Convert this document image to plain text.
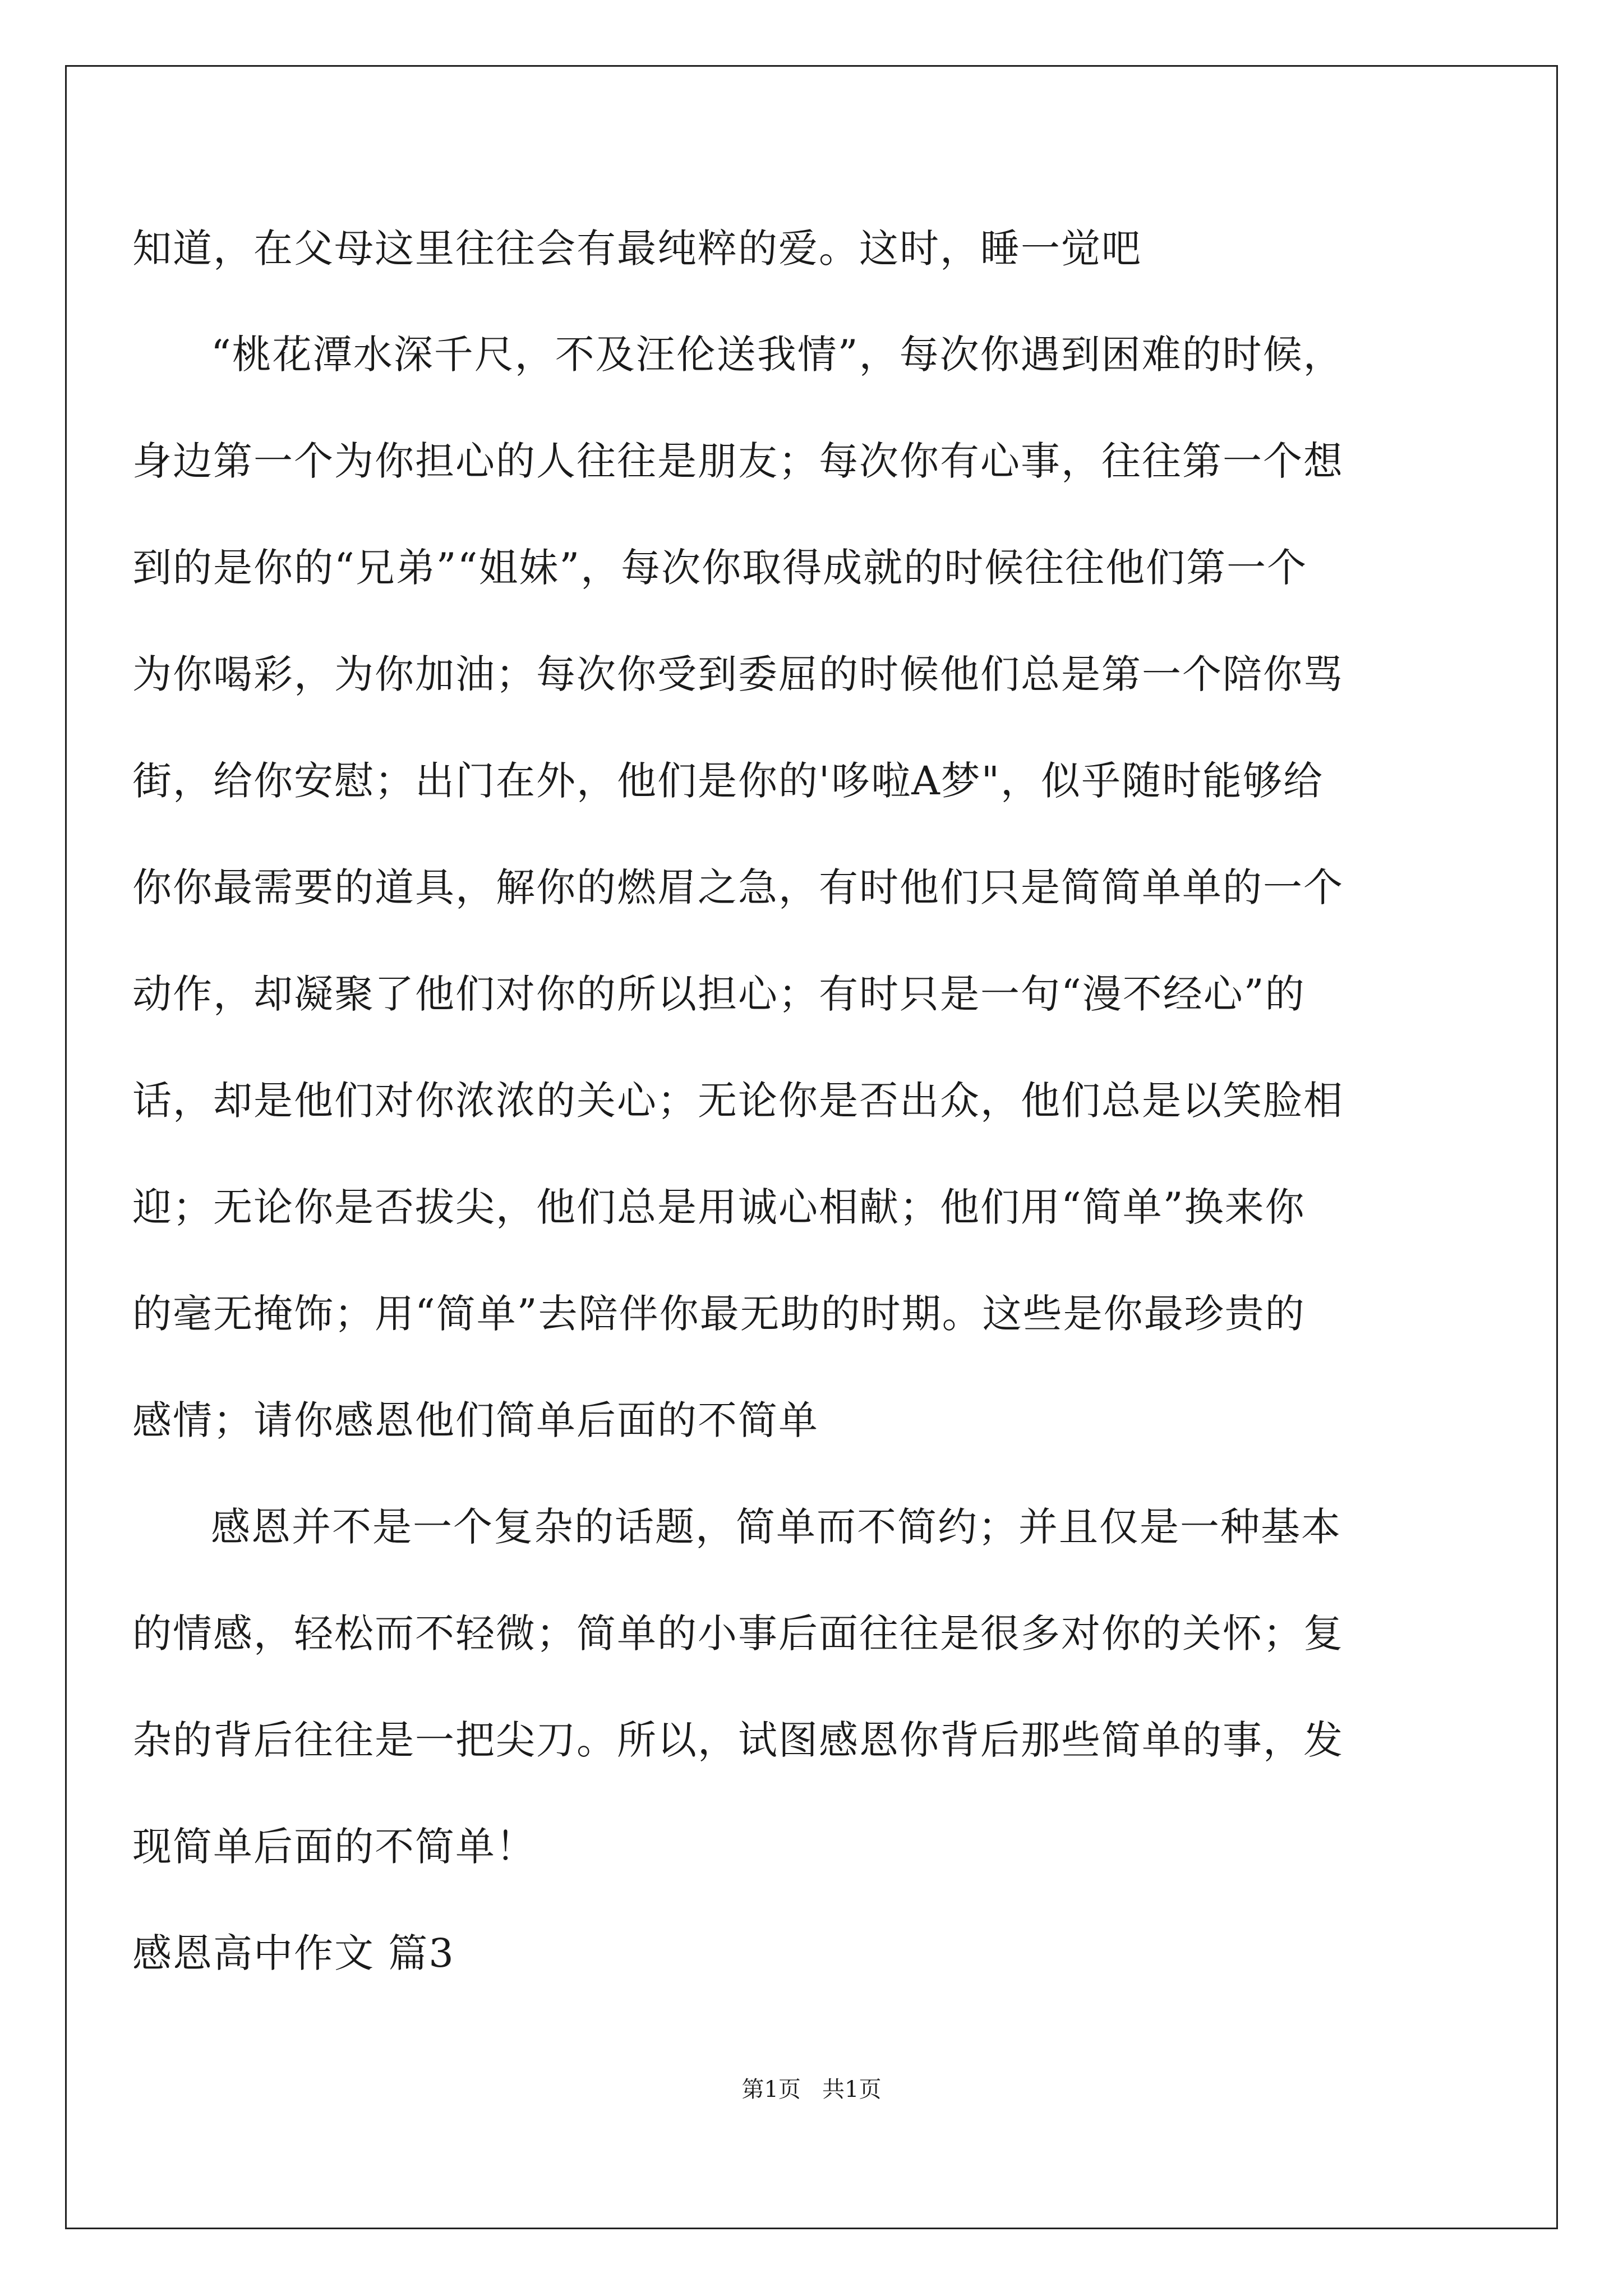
知道，在父母这里往往会有最纯粹的爱。这时，睡一觉吧
“桃花潭水深千尺，不及汪伦送我情”，每次你遇到困难的时候，
身边第一个为你担心的人往往是朋友；每次你有心事，往往第一个想
到的是你的“兄弟”“姐妹”，每次你取得成就的时候往往他们第一个
为你喝彩，为你加油；每次你受到委屈的时候他们总是第一个陪你骂
街，给你安慰；出门在外，他们是你的'哆啦A梦"，似乎随时能够给
你你最需要的道具，解你的燃眉之急，有时他们只是简简单单的一个
动作，却凝聚了他们对你的所以担心；有时只是一句“漫不经心”的
话，却是他们对你浓浓的关心；无论你是否出众，他们总是以笑脸相
迎；无论你是否拔尖，他们总是用诚心相献；他们用“简单”换来你
的毫无掩饰；用“简单”去陪伴你最无助的时期。这些是你最珍贵的
感情；请你感恩他们简单后面的不简单
感恩并不是一个复杂的话题，简单而不简约；并且仅是一种基本
的情感，轻松而不轻微；简单的小事后面往往是很多对你的关怀；复
杂的背后往往是一把尖刀。所以，试图感恩你背后那些简单的事，发
现简单后面的不简单！
感恩高中作文 篇3
第1页   共1页
